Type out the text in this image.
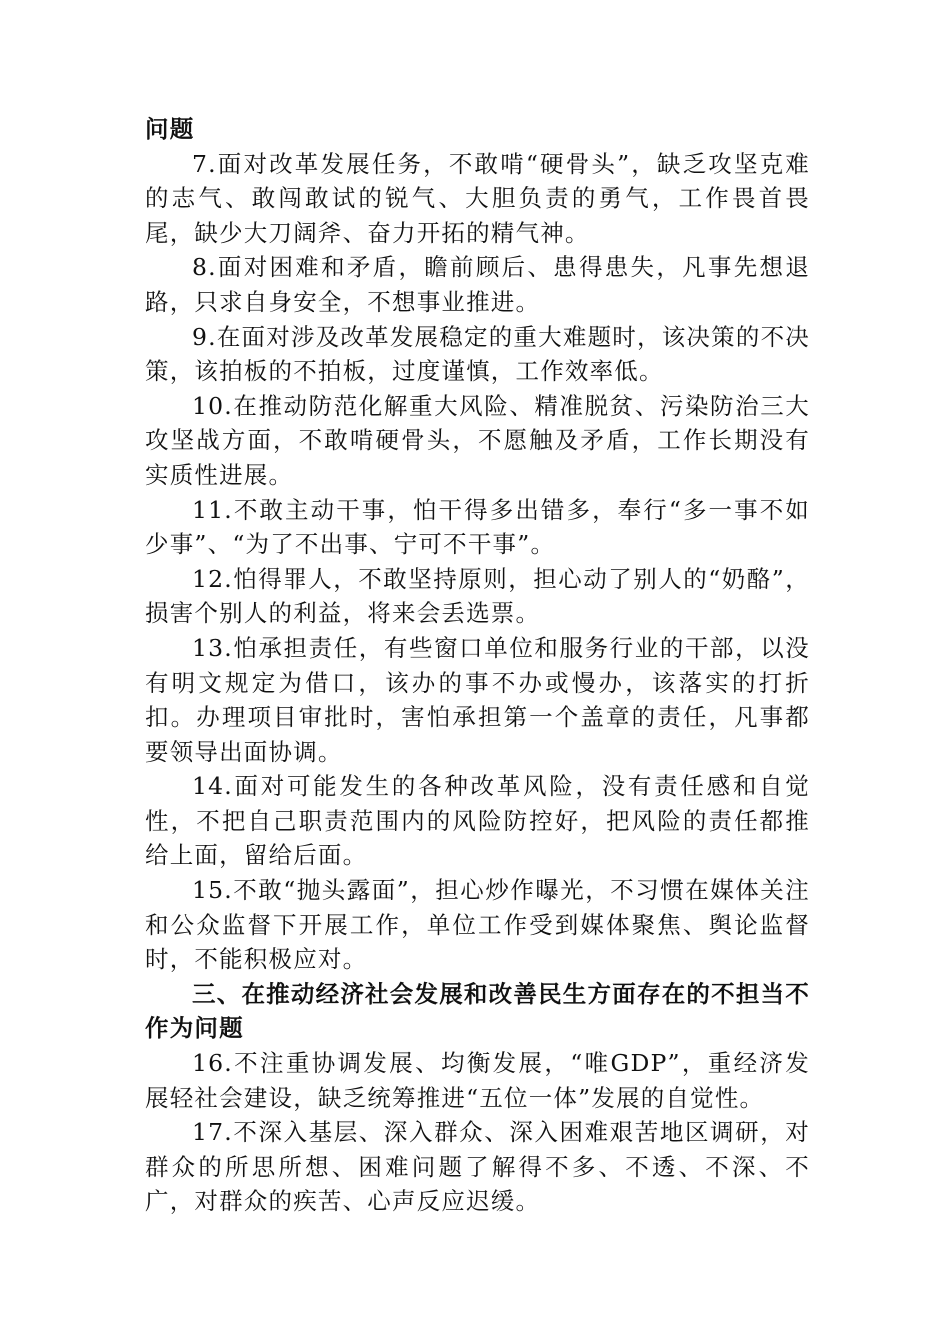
问题

7.面对改革发展任务，不敢啃“硬骨头”，缺乏攻坚克难的志气、敢闯敢试的锐气、大胆负责的勇气，工作畏首畏尾，缺少大刀阔斧、奋力开拓的精气神。

8.面对困难和矛盾，瞻前顾后、患得患失，凡事先想退路，只求自身安全，不想事业推进。

9.在面对涉及改革发展稳定的重大难题时，该决策的不决策，该拍板的不拍板，过度谨慎，工作效率低。

10.在推动防范化解重大风险、精准脱贫、污染防治三大攻坚战方面，不敢啃硬骨头，不愿触及矛盾，工作长期没有实质性进展。

11.不敢主动干事，怕干得多出错多，奉行“多一事不如少事”、“为了不出事、宁可不干事”。

12.怕得罪人，不敢坚持原则，担心动了别人的“奶酪”，损害个别人的利益，将来会丢选票。

13.怕承担责任，有些窗口单位和服务行业的干部，以没有明文规定为借口，该办的事不办或慢办，该落实的打折扣。办理项目审批时，害怕承担第一个盖章的责任，凡事都要领导出面协调。

14.面对可能发生的各种改革风险，没有责任感和自觉性，不把自己职责范围内的风险防控好，把风险的责任都推给上面，留给后面。

15.不敢“抛头露面”，担心炒作曝光，不习惯在媒体关注和公众监督下开展工作，单位工作受到媒体聚焦、舆论监督时，不能积极应对。

三、在推动经济社会发展和改善民生方面存在的不担当不作为问题

16.不注重协调发展、均衡发展，“唯GDP”，重经济发展轻社会建设，缺乏统筹推进“五位一体”发展的自觉性。

17.不深入基层、深入群众、深入困难艰苦地区调研，对群众的所思所想、困难问题了解得不多、不透、不深、不广，对群众的疾苦、心声反应迟缓。
